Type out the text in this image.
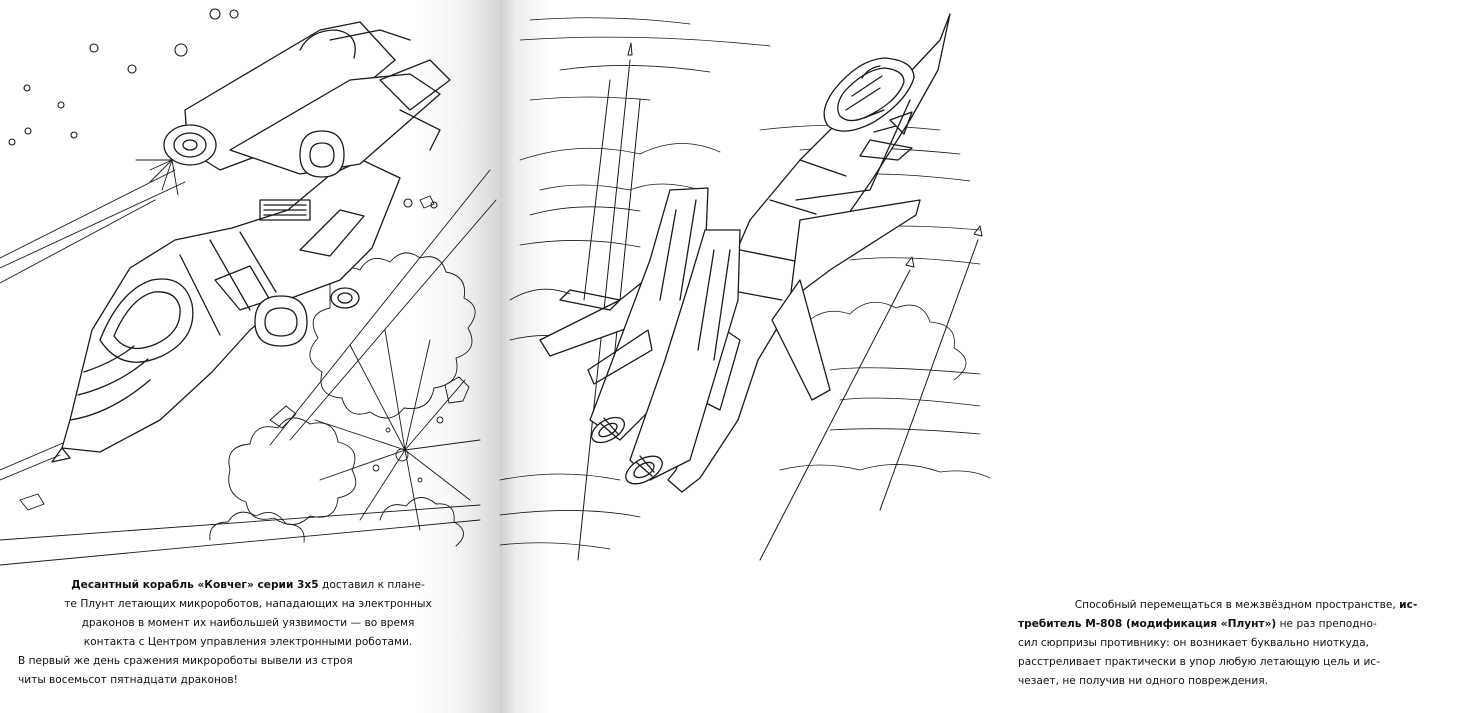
Десантный корабль «Ковчег» серии 3x5 доставил к плане-

те Плунт летающих микророботов, нападающих на электронных

драконов в момент их наибольшей уязвимости — во время

контакта с Центром управления электронными роботами.

В первый же день сражения микророботы вывели из строя

читы восемьсот пятнадцати драконов!

Способный перемещаться в межзвёздном пространстве, ис-

требитель М-808 (модификация «Плунт») не раз преподно-

сил сюрпризы противнику: он возникает буквально ниоткуда,

расстреливает практически в упор любую летающую цель и ис-

чезает, не получив ни одного повреждения.
